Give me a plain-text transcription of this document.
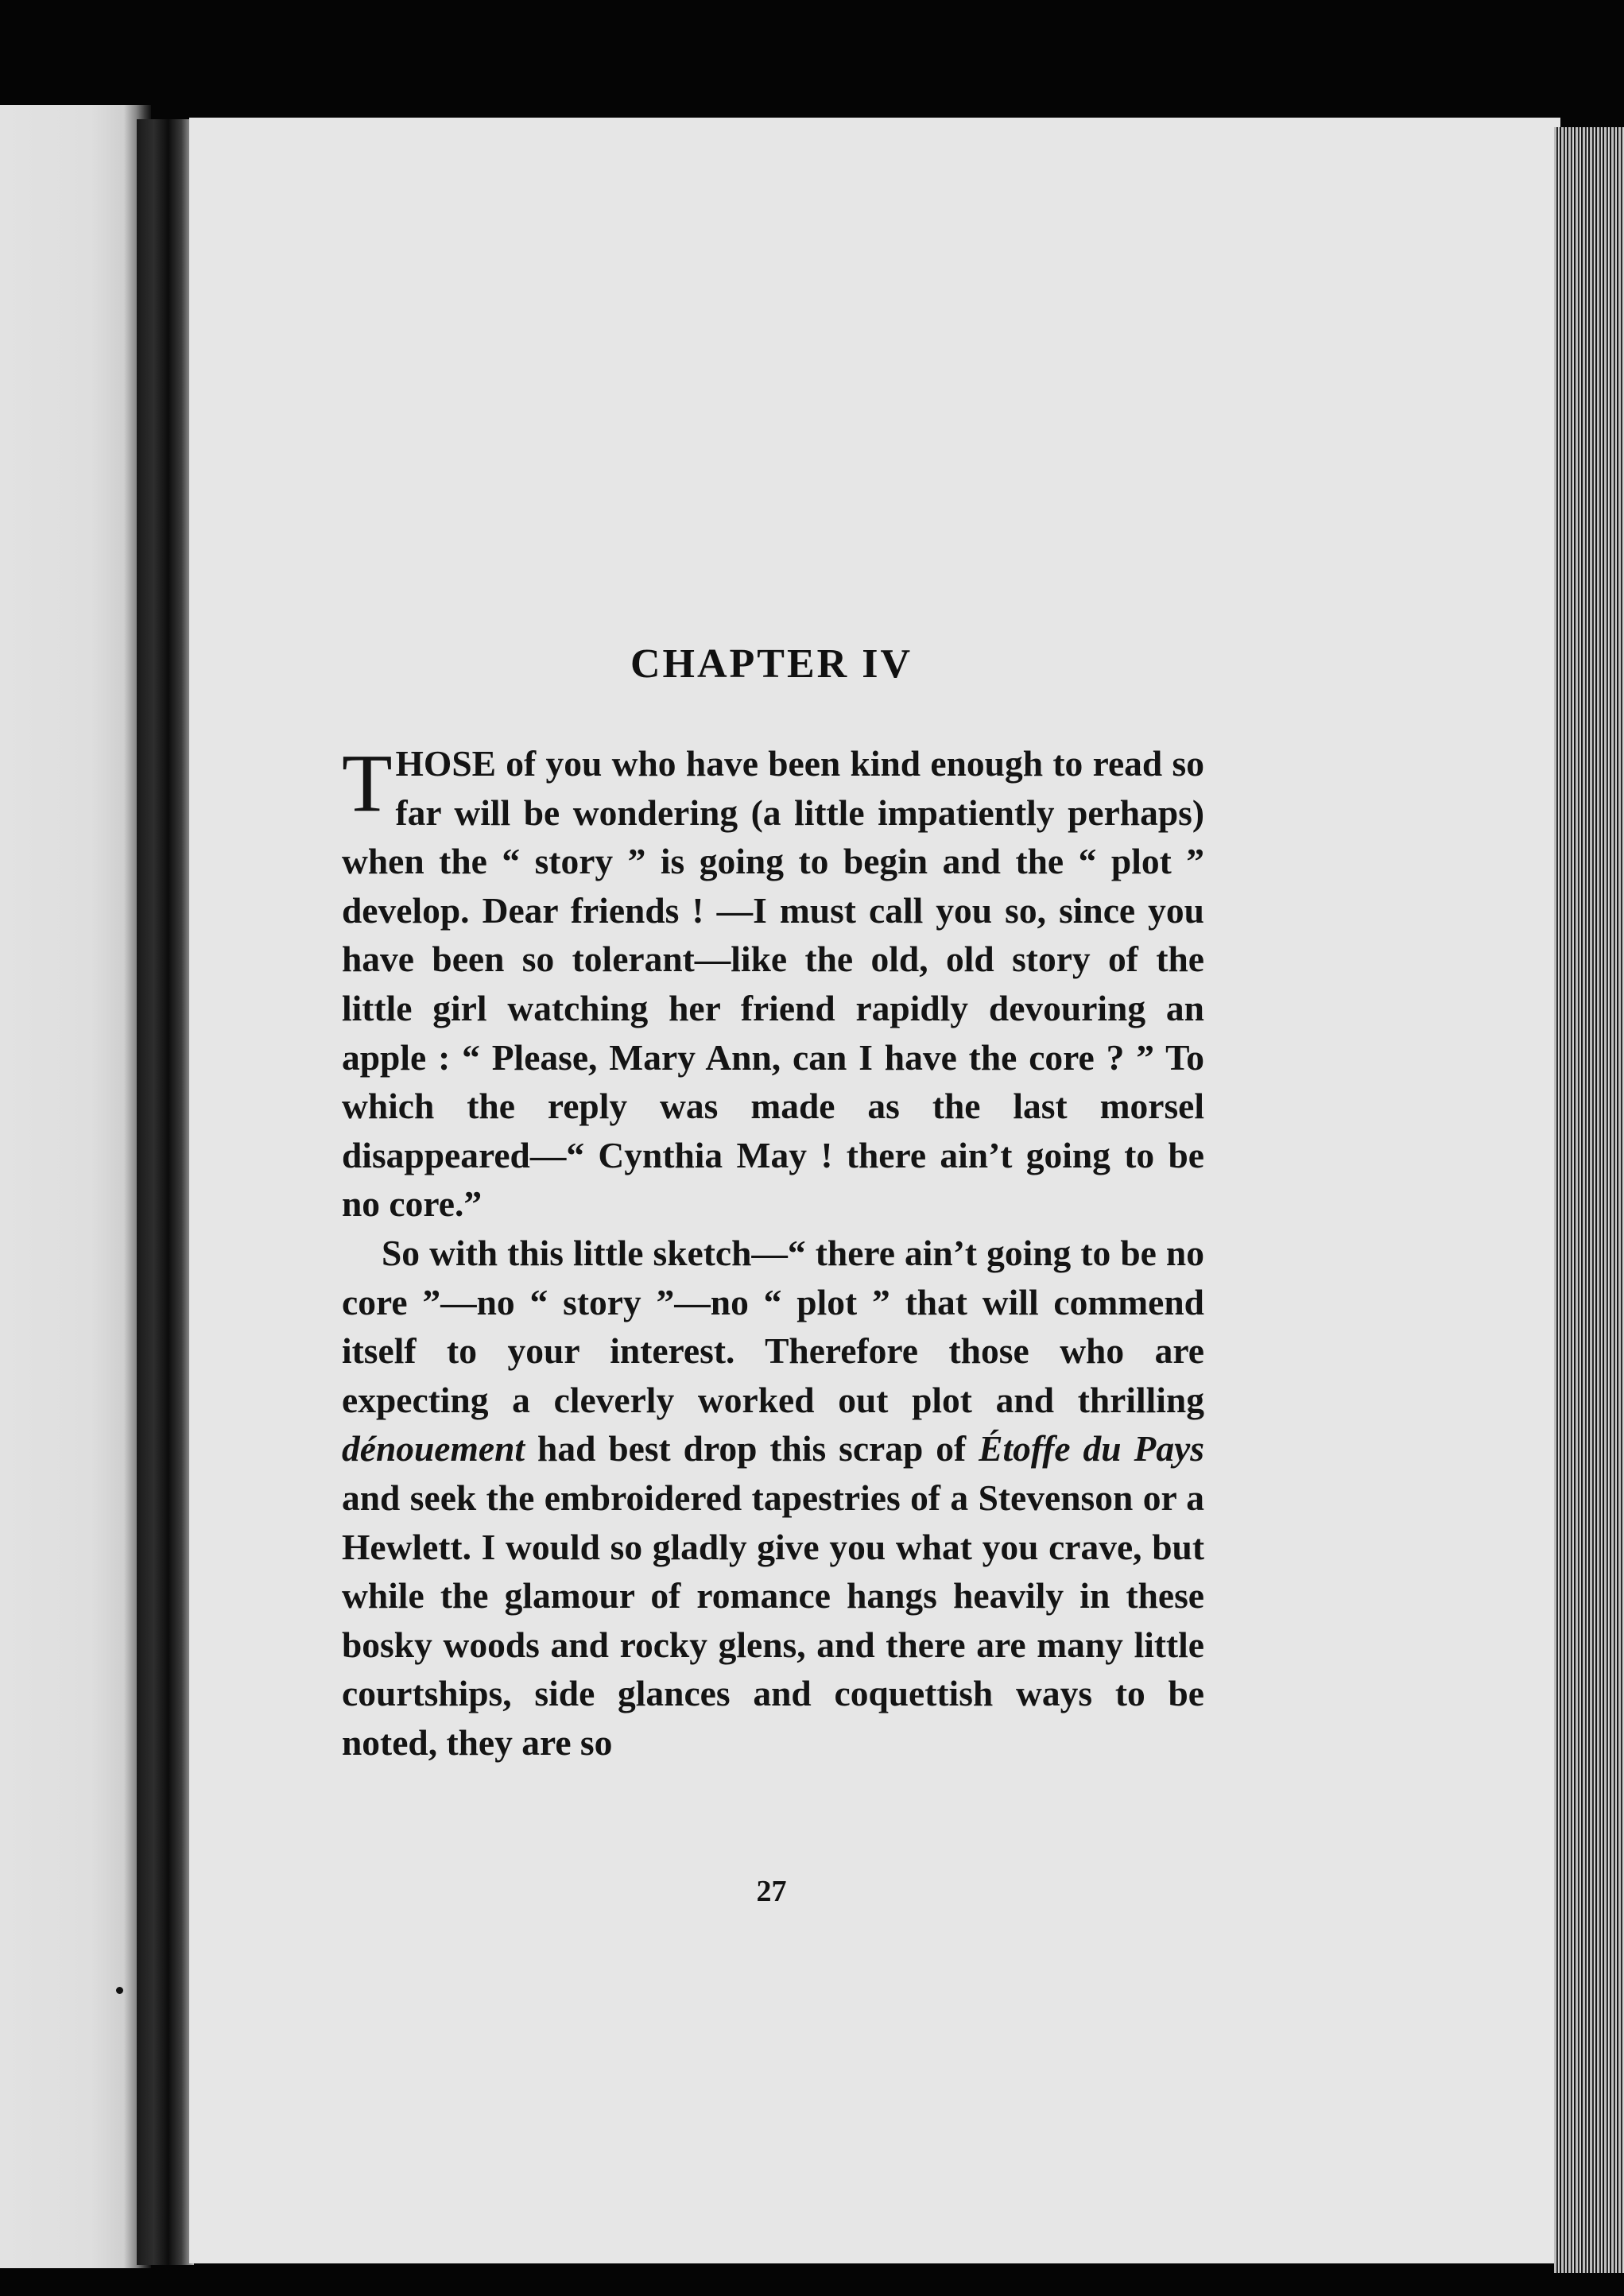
CHAPTER IV

THOSE of you who have been kind enough to read so far will be wondering (a little impatiently perhaps) when the “ story ” is going to begin and the “ plot ” develop. Dear friends ! —I must call you so, since you have been so tolerant—like the old, old story of the little girl watching her friend rapidly devouring an apple : “ Please, Mary Ann, can I have the core ? ” To which the reply was made as the last morsel disappeared—“ Cynthia May ! there ain’t going to be no core.”

So with this little sketch—“ there ain’t going to be no core ”—no “ story ”—no “ plot ” that will commend itself to your interest. Therefore those who are expecting a cleverly worked out plot and thrilling dénouement had best drop this scrap of Étoffe du Pays and seek the embroidered tapestries of a Stevenson or a Hewlett. I would so gladly give you what you crave, but while the glamour of romance hangs heavily in these bosky woods and rocky glens, and there are many little courtships, side glances and coquettish ways to be noted, they are so

27
